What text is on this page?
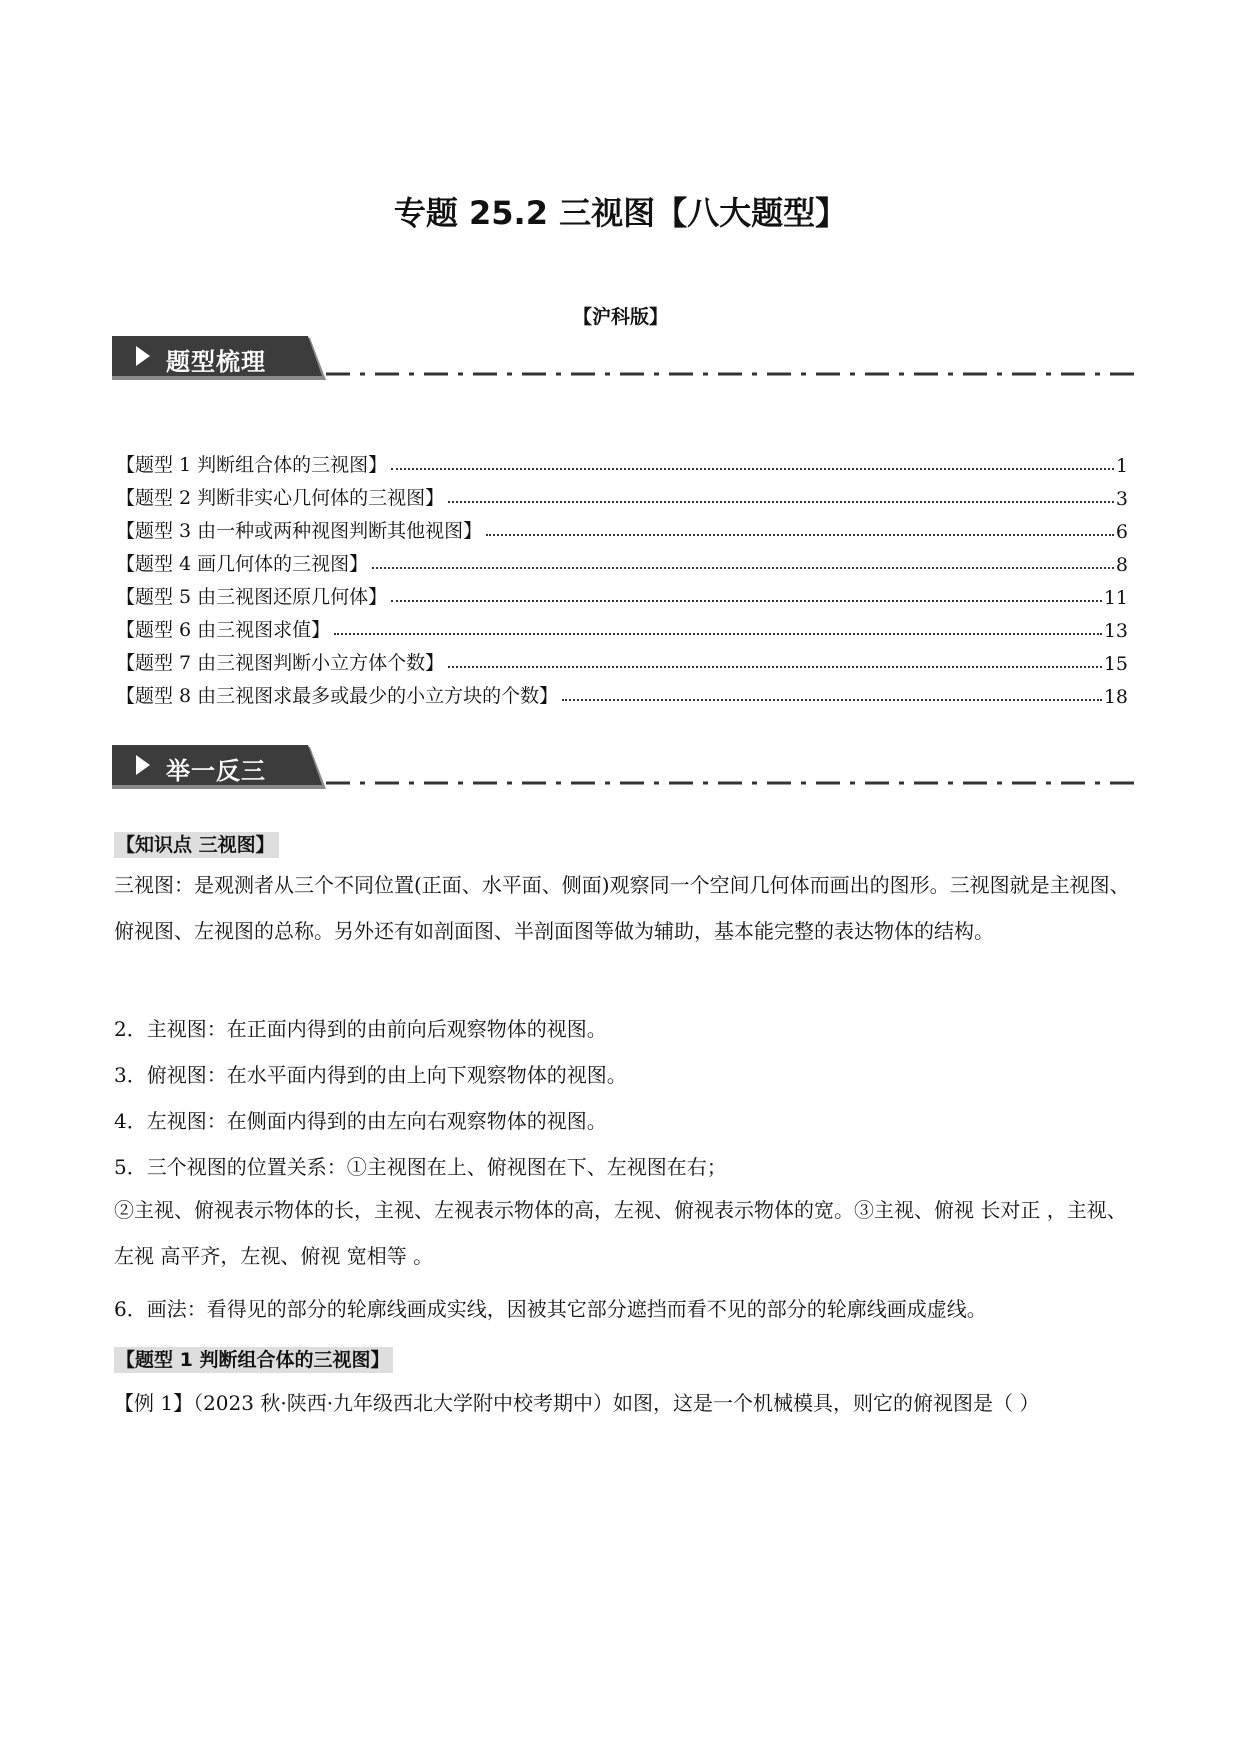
专题 25.2 三视图【八大题型】
【沪科版】
题型梳理
【题型 1 判断组合体的三视图】	1
【题型 2 判断非实心几何体的三视图】	3
【题型 3 由一种或两种视图判断其他视图】	6
【题型 4 画几何体的三视图】	8
【题型 5 由三视图还原几何体】	11
【题型 6 由三视图求值】	13
【题型 7 由三视图判断小立方体个数】	15
【题型 8 由三视图求最多或最少的小立方块的个数】	18
举一反三
【知识点 三视图】
三视图：是观测者从三个不同位置(正面、水平面、侧面)观察同一个空间几何体而画出的图形。三视图就是主视图、俯视图、左视图的总称。另外还有如剖面图、半剖面图等做为辅助，基本能完整的表达物体的结构。
2．主视图：在正面内得到的由前向后观察物体的视图。
3．俯视图：在水平面内得到的由上向下观察物体的视图。
4．左视图：在侧面内得到的由左向右观察物体的视图。
5．三个视图的位置关系：①主视图在上、俯视图在下、左视图在右；
②主视、俯视表示物体的长，主视、左视表示物体的高，左视、俯视表示物体的宽。③主视、俯视 长对正 ，主视、左视 高平齐，左视、俯视 宽相等 。
6．画法：看得见的部分的轮廓线画成实线，因被其它部分遮挡而看不见的部分的轮廓线画成虚线。
【题型 1 判断组合体的三视图】
【例 1】（2023 秋·陕西·九年级西北大学附中校考期中）如图，这是一个机械模具，则它的俯视图是（ ）
